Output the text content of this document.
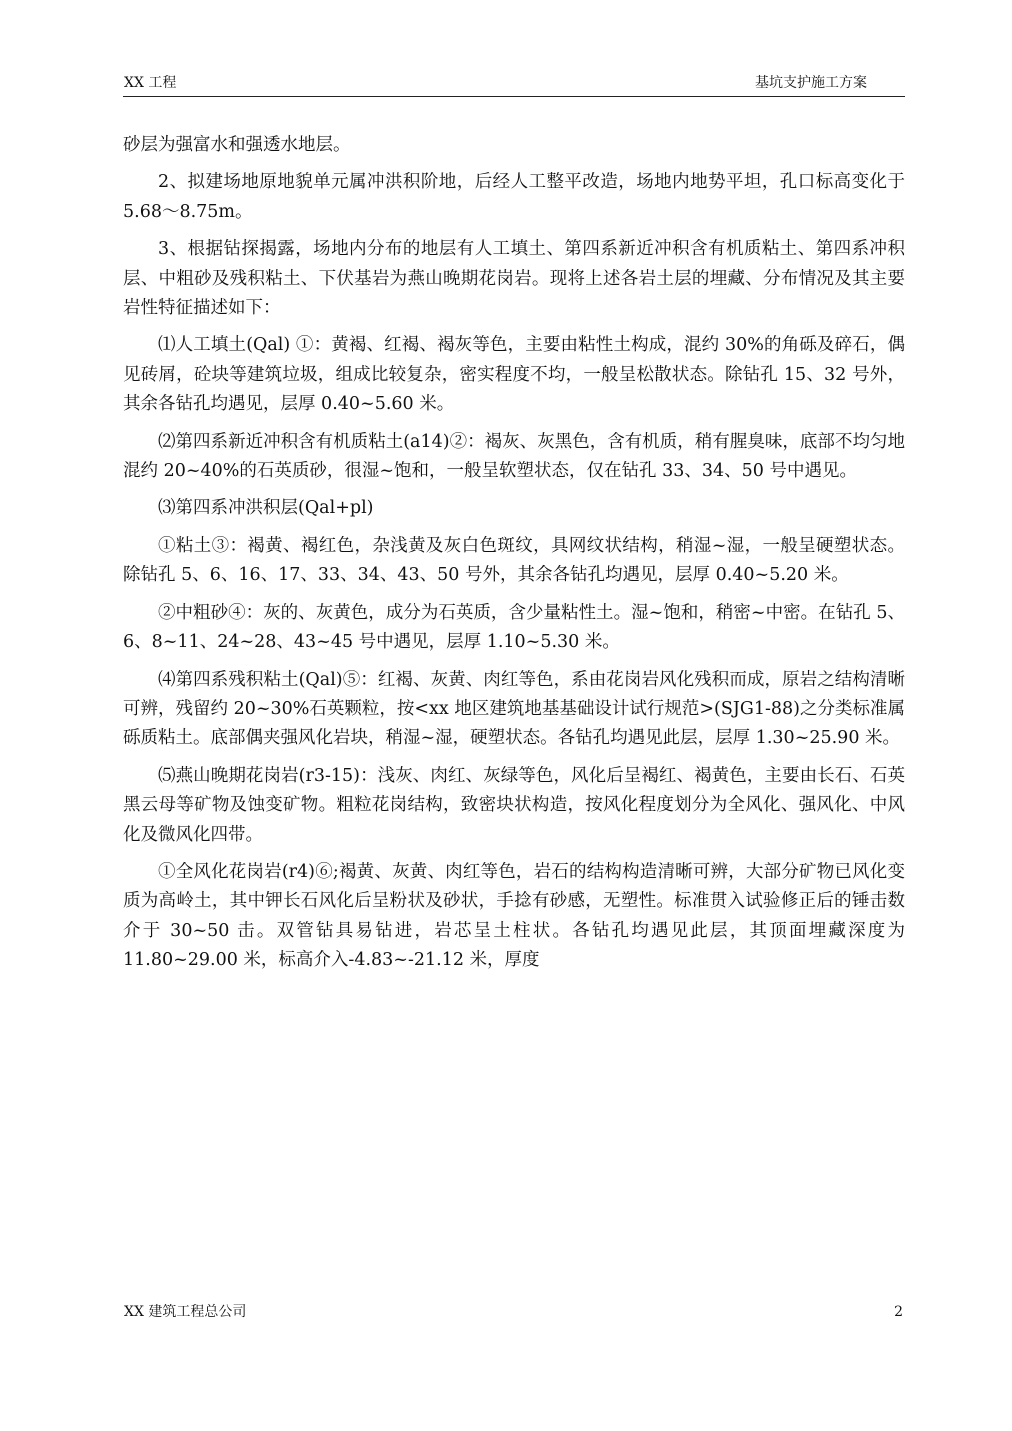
XX 工程	基坑支护施工方案

砂层为强富水和强透水地层。

2、拟建场地原地貌单元属冲洪积阶地，后经人工整平改造，场地内地势平坦，孔口标高变化于 5.68～8.75m。

3、根据钻探揭露，场地内分布的地层有人工填土、第四系新近冲积含有机质粘土、第四系冲积层、中粗砂及残积粘土、下伏基岩为燕山晚期花岗岩。现将上述各岩土层的埋藏、分布情况及其主要岩性特征描述如下：

⑴人工填土(Qal) ①：黄褐、红褐、褐灰等色，主要由粘性土构成，混约 30%的角砾及碎石，偶见砖屑，砼块等建筑垃圾，组成比较复杂，密实程度不均，一般呈松散状态。除钻孔 15、32 号外，其余各钻孔均遇见，层厚 0.40~5.60 米。

⑵第四系新近冲积含有机质粘土(a14)②：褐灰、灰黑色，含有机质，稍有腥臭味，底部不均匀地混约 20~40%的石英质砂，很湿~饱和，一般呈软塑状态，仅在钻孔 33、34、50 号中遇见。

⑶第四系冲洪积层(Qal+pl)

①粘土③：褐黄、褐红色，杂浅黄及灰白色斑纹，具网纹状结构，稍湿~湿，一般呈硬塑状态。除钻孔 5、6、16、17、33、34、43、50 号外，其余各钻孔均遇见，层厚 0.40~5.20 米。

②中粗砂④：灰的、灰黄色，成分为石英质，含少量粘性土。湿~饱和，稍密~中密。在钻孔 5、6、8~11、24~28、43~45 号中遇见，层厚 1.10~5.30 米。

⑷第四系残积粘土(Qal)⑤：红褐、灰黄、肉红等色，系由花岗岩风化残积而成，原岩之结构清晰可辨，残留约 20~30%石英颗粒，按<xx 地区建筑地基基础设计试行规范>(SJG1-88)之分类标准属砾质粘土。底部偶夹强风化岩块，稍湿~湿，硬塑状态。各钻孔均遇见此层，层厚 1.30~25.90 米。

⑸燕山晚期花岗岩(r3-15)：浅灰、肉红、灰绿等色，风化后呈褐红、褐黄色，主要由长石、石英黑云母等矿物及蚀变矿物。粗粒花岗结构，致密块状构造，按风化程度划分为全风化、强风化、中风化及微风化四带。

①全风化花岗岩(r4)⑥;褐黄、灰黄、肉红等色，岩石的结构构造清晰可辨，大部分矿物已风化变质为高岭土，其中钾长石风化后呈粉状及砂状，手捻有砂感，无塑性。标准贯入试验修正后的锤击数介于 30~50 击。双管钻具易钻进，岩芯呈土柱状。各钻孔均遇见此层，其顶面埋藏深度为 11.80~29.00 米，标高介入-4.83~-21.12 米，厚度

XX 建筑工程总公司	2
